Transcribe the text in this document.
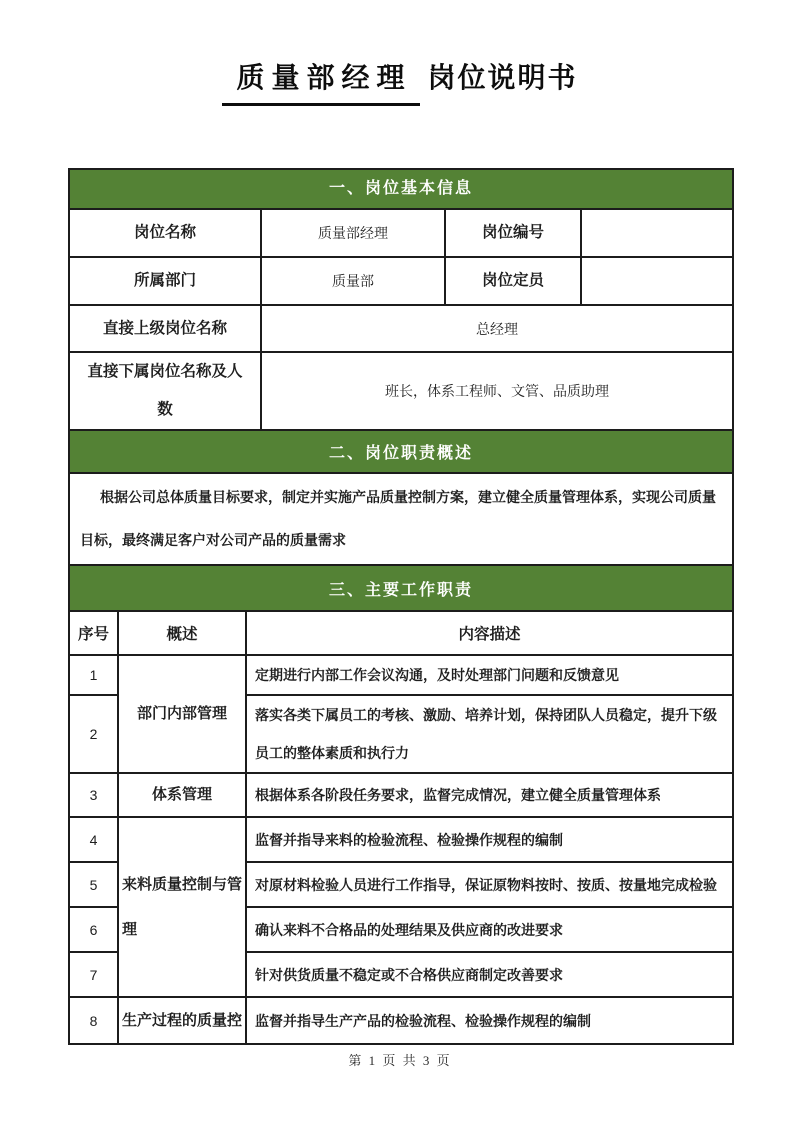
质量部经理 岗位说明书
一、岗位基本信息			
岗位名称	质量部经理	岗位编号	
所属部门	质量部	岗位定员	
直接上级岗位名称	总经理		
直接下属岗位名称及人数	班长，体系工程师、文管、品质助理		
二、岗位职责概述
根据公司总体质量目标要求，制定并实施产品质量控制方案，建立健全质量管理体系，实现公司质量目标，最终满足客户对公司产品的质量需求
三、主要工作职责		
序号	概述	内容描述
1	部门内部管理	定期进行内部工作会议沟通，及时处理部门问题和反馈意见
2		落实各类下属员工的考核、激励、培养计划，保持团队人员稳定，提升下级员工的整体素质和执行力
3	体系管理	根据体系各阶段任务要求，监督完成情况，建立健全质量管理体系
4	来料质量控制与管理	监督并指导来料的检验流程、检验操作规程的编制
5		对原材料检验人员进行工作指导，保证原物料按时、按质、按量地完成检验
6		确认来料不合格品的处理结果及供应商的改进要求
7		针对供货质量不稳定或不合格供应商制定改善要求
8	生产过程的质量控	监督并指导生产产品的检验流程、检验操作规程的编制
第 1 页 共 3 页
